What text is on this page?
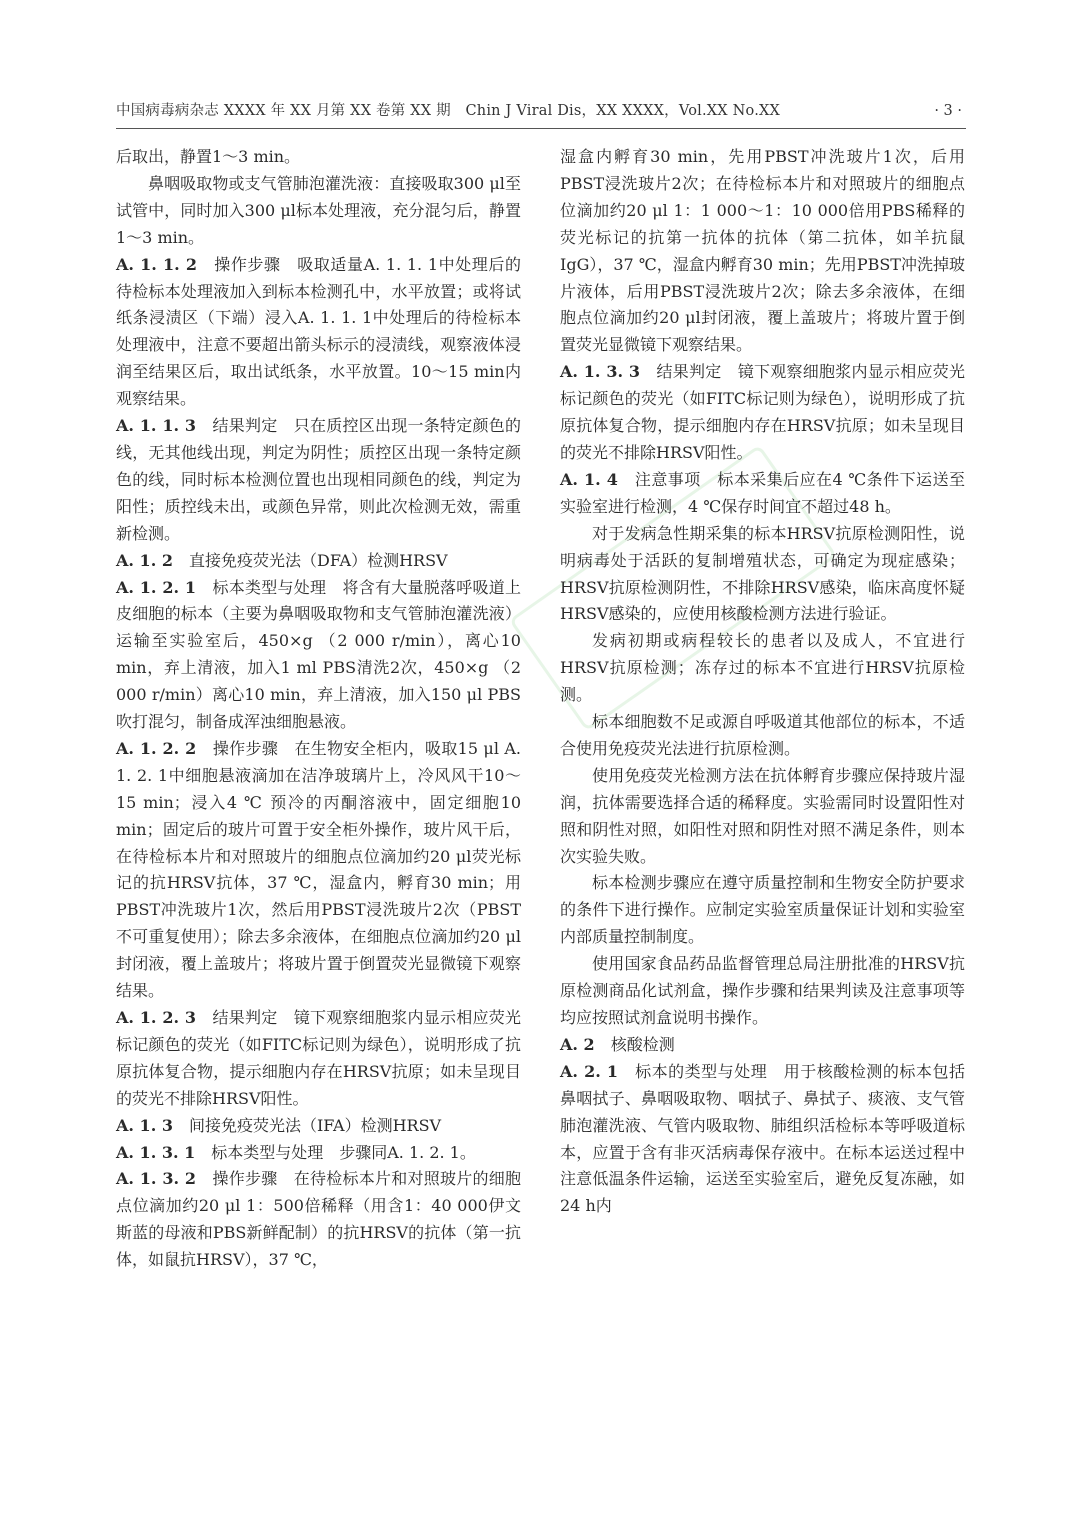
中国病毒病杂志 XXXX 年 XX 月第 XX 卷第 XX 期　Chin J Viral Dis，XX XXXX，Vol.XX No.XX	· 3 ·

后取出，静置1～3 min。

鼻咽吸取物或支气管肺泡灌洗液：直接吸取300 μl至试管中，同时加入300 μl标本处理液，充分混匀后，静置1～3 min。

A. 1. 1. 2　 操作步骤　吸取适量A. 1. 1. 1中处理后的待检标本处理液加入到标本检测孔中，水平放置；或将试纸条浸渍区（下端）浸入A. 1. 1. 1中处理后的待检标本处理液中，注意不要超出箭头标示的浸渍线，观察液体浸润至结果区后，取出试纸条，水平放置。10～15 min内观察结果。

A. 1. 1. 3　 结果判定　只在质控区出现一条特定颜色的线，无其他线出现，判定为阴性；质控区出现一条特定颜色的线，同时标本检测位置也出现相同颜色的线，判定为阳性；质控线未出，或颜色异常，则此次检测无效，需重新检测。

A. 1. 2　 直接免疫荧光法（DFA）检测HRSV

A. 1. 2. 1　 标本类型与处理　将含有大量脱落呼吸道上皮细胞的标本（主要为鼻咽吸取物和支气管肺泡灌洗液）运输至实验室后，450×g （2 000 r/min），离心10 min，弃上清液，加入1 ml PBS清洗2次，450×g （2 000 r/min）离心10 min，弃上清液，加入150 μl PBS吹打混匀，制备成浑浊细胞悬液。

A. 1. 2. 2　 操作步骤　在生物安全柜内，吸取15 μl A. 1. 2. 1中细胞悬液滴加在洁净玻璃片上，冷风风干10～15 min；浸入4 ℃ 预冷的丙酮溶液中，固定细胞10 min；固定后的玻片可置于安全柜外操作，玻片风干后，在待检标本片和对照玻片的细胞点位滴加约20 μl荧光标记的抗HRSV抗体，37 ℃，湿盒内，孵育30 min；用PBST冲洗玻片1次，然后用PBST浸洗玻片2次（PBST不可重复使用）；除去多余液体，在细胞点位滴加约20 μl封闭液，覆上盖玻片；将玻片置于倒置荧光显微镜下观察结果。

A. 1. 2. 3　 结果判定　镜下观察细胞浆内显示相应荧光标记颜色的荧光（如FITC标记则为绿色），说明形成了抗原抗体复合物，提示细胞内存在HRSV抗原；如未呈现目的荧光不排除HRSV阳性。

A. 1. 3　 间接免疫荧光法（IFA）检测HRSV

A. 1. 3. 1　 标本类型与处理　步骤同A. 1. 2. 1。

A. 1. 3. 2　 操作步骤　在待检标本片和对照玻片的细胞点位滴加约20 μl 1：500倍稀释（用含1：40 000伊文斯蓝的母液和PBS新鲜配制）的抗HRSV的抗体（第一抗体，如鼠抗HRSV），37 ℃，

湿盒内孵育30 min，先用PBST冲洗玻片1次，后用PBST浸洗玻片2次；在待检标本片和对照玻片的细胞点位滴加约20 μl 1：1 000～1：10 000倍用PBS稀释的荧光标记的抗第一抗体的抗体（第二抗体，如羊抗鼠IgG），37 ℃，湿盒内孵育30 min；先用PBST冲洗掉玻片液体，后用PBST浸洗玻片2次；除去多余液体，在细胞点位滴加约20 μl封闭液，覆上盖玻片；将玻片置于倒置荧光显微镜下观察结果。

A. 1. 3. 3　 结果判定　镜下观察细胞浆内显示相应荧光标记颜色的荧光（如FITC标记则为绿色），说明形成了抗原抗体复合物，提示细胞内存在HRSV抗原；如未呈现目的荧光不排除HRSV阳性。

A. 1. 4　 注意事项　标本采集后应在4 ℃条件下运送至实验室进行检测，4 ℃保存时间宜不超过48 h。

对于发病急性期采集的标本HRSV抗原检测阳性，说明病毒处于活跃的复制增殖状态，可确定为现症感染；HRSV抗原检测阴性，不排除HRSV感染，临床高度怀疑HRSV感染的，应使用核酸检测方法进行验证。

发病初期或病程较长的患者以及成人，不宜进行HRSV抗原检测；冻存过的标本不宜进行HRSV抗原检测。

标本细胞数不足或源自呼吸道其他部位的标本，不适合使用免疫荧光法进行抗原检测。

使用免疫荧光检测方法在抗体孵育步骤应保持玻片湿润，抗体需要选择合适的稀释度。实验需同时设置阳性对照和阴性对照，如阳性对照和阴性对照不满足条件，则本次实验失败。

标本检测步骤应在遵守质量控制和生物安全防护要求的条件下进行操作。应制定实验室质量保证计划和实验室内部质量控制制度。

使用国家食品药品监督管理总局注册批准的HRSV抗原检测商品化试剂盒，操作步骤和结果判读及注意事项等均应按照试剂盒说明书操作。

A. 2　 核酸检测

A. 2. 1　 标本的类型与处理　用于核酸检测的标本包括鼻咽拭子、鼻咽吸取物、咽拭子、鼻拭子、痰液、支气管肺泡灌洗液、气管内吸取物、肺组织活检标本等呼吸道标本，应置于含有非灭活病毒保存液中。在标本运送过程中注意低温条件运输，运送至实验室后，避免反复冻融，如24 h内
